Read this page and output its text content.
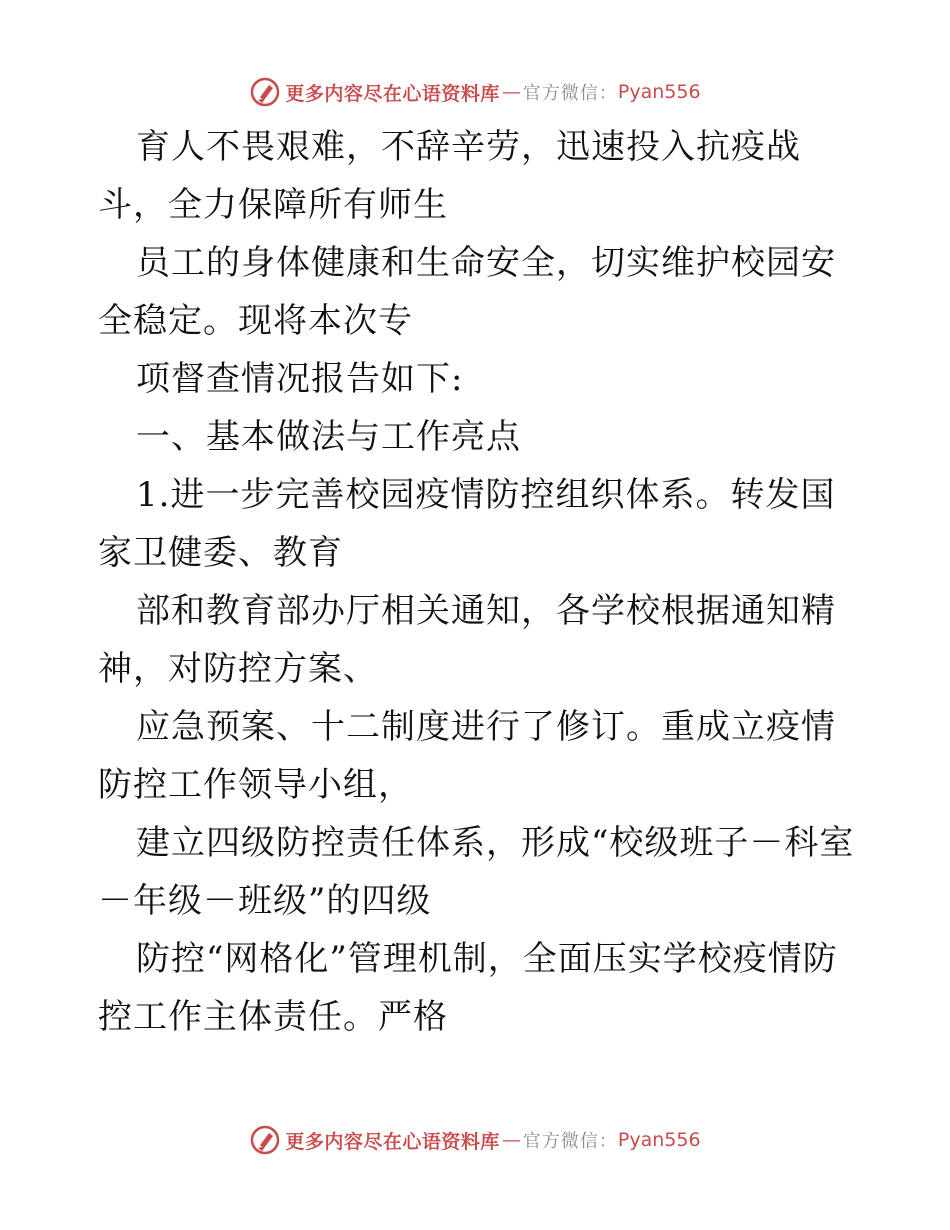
更多内容尽在心语资料库 — 官方微信： Pyan556

育人不畏艰难，不辞辛劳，迅速投入抗疫战斗，全力保障所有师生

员工的身体健康和生命安全，切实维护校园安全稳定。现将本次专

项督查情况报告如下:

一、基本做法与工作亮点

1.进一步完善校园疫情防控组织体系。转发国家卫健委、教育

部和教育部办厅相关通知，各学校根据通知精神，对防控方案、

应急预案、十二制度进行了修订。重成立疫情防控工作领导小组，

建立四级防控责任体系，形成“校级班子－科室－年级－班级”的四级

防控“网格化”管理机制，全面压实学校疫情防控工作主体责任。严格

更多内容尽在心语资料库 — 官方微信： Pyan556
